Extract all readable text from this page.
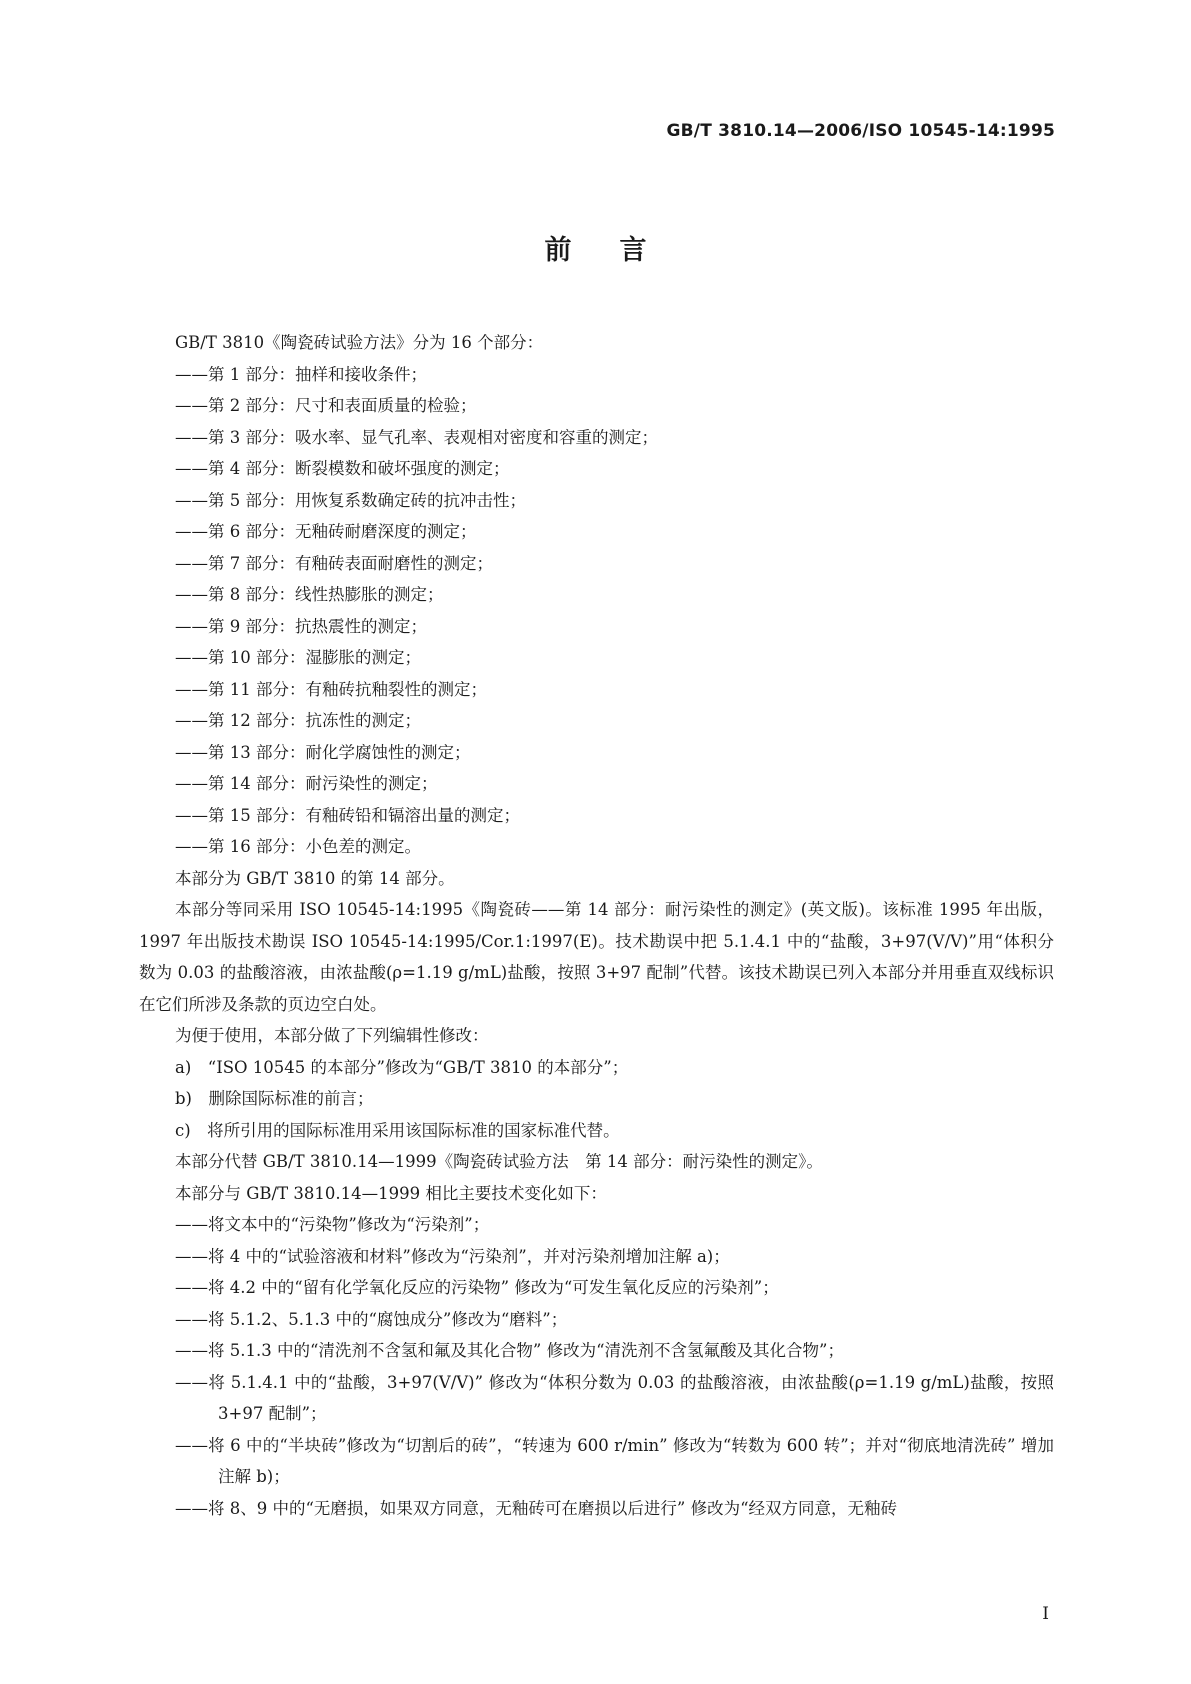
GB/T 3810.14—2006/ISO 10545-14:1995
前言

GB/T 3810《陶瓷砖试验方法》分为 16 个部分：

——第 1 部分：抽样和接收条件；

——第 2 部分：尺寸和表面质量的检验；

——第 3 部分：吸水率、显气孔率、表观相对密度和容重的测定；

——第 4 部分：断裂模数和破坏强度的测定；

——第 5 部分：用恢复系数确定砖的抗冲击性；

——第 6 部分：无釉砖耐磨深度的测定；

——第 7 部分：有釉砖表面耐磨性的测定；

——第 8 部分：线性热膨胀的测定；

——第 9 部分：抗热震性的测定；

——第 10 部分：湿膨胀的测定；

——第 11 部分：有釉砖抗釉裂性的测定；

——第 12 部分：抗冻性的测定；

——第 13 部分：耐化学腐蚀性的测定；

——第 14 部分：耐污染性的测定；

——第 15 部分：有釉砖铅和镉溶出量的测定；

——第 16 部分：小色差的测定。

本部分为 GB/T 3810 的第 14 部分。

本部分等同采用 ISO 10545-14:1995《陶瓷砖——第 14 部分：耐污染性的测定》(英文版)。该标准 1995 年出版，1997 年出版技术勘误 ISO 10545-14:1995/Cor.1:1997(E)。技术勘误中把 5.1.4.1 中的“盐酸，3+97(V/V)”用“体积分数为 0.03 的盐酸溶液，由浓盐酸(ρ=1.19 g/mL)盐酸，按照 3+97 配制”代替。该技术勘误已列入本部分并用垂直双线标识在它们所涉及条款的页边空白处。

为便于使用，本部分做了下列编辑性修改：

a)　“ISO 10545 的本部分”修改为“GB/T 3810 的本部分”；

b)　删除国际标准的前言；

c)　将所引用的国际标准用采用该国际标准的国家标准代替。

本部分代替 GB/T 3810.14—1999《陶瓷砖试验方法　第 14 部分：耐污染性的测定》。

本部分与 GB/T 3810.14—1999 相比主要技术变化如下：

——将文本中的“污染物”修改为“污染剂”；

——将 4 中的“试验溶液和材料”修改为“污染剂”，并对污染剂增加注解 a)；

——将 4.2 中的“留有化学氧化反应的污染物” 修改为“可发生氧化反应的污染剂”；

——将 5.1.2、5.1.3 中的“腐蚀成分”修改为“磨料”；

——将 5.1.3 中的“清洗剂不含氢和氟及其化合物” 修改为“清洗剂不含氢氟酸及其化合物”；

——将 5.1.4.1 中的“盐酸，3+97(V/V)” 修改为“体积分数为 0.03 的盐酸溶液，由浓盐酸(ρ=1.19 g/mL)盐酸，按照 3+97 配制”；

——将 6 中的“半块砖”修改为“切割后的砖”，“转速为 600 r/min” 修改为“转数为 600 转”；并对“彻底地清洗砖” 增加注解 b)；

——将 8、9 中的“无磨损，如果双方同意，无釉砖可在磨损以后进行” 修改为“经双方同意，无釉砖

I
